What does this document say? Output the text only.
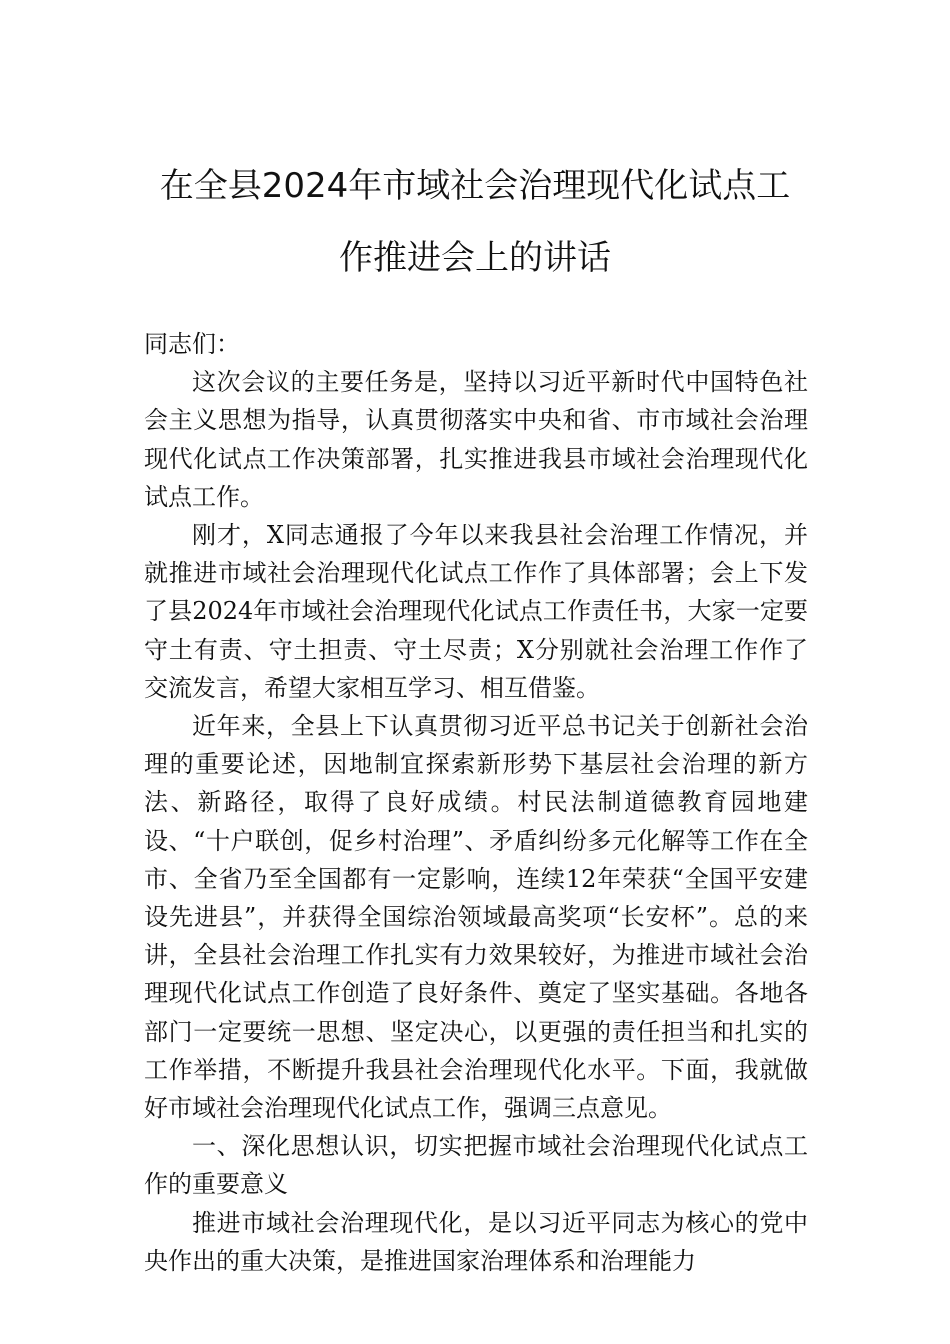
在全县2024年市域社会治理现代化试点工
作推进会上的讲话

同志们：

这次会议的主要任务是，坚持以习近平新时代中国特色社会主义思想为指导，认真贯彻落实中央和省、市市域社会治理现代化试点工作决策部署，扎实推进我县市域社会治理现代化试点工作。

刚才，X同志通报了今年以来我县社会治理工作情况，并就推进市域社会治理现代化试点工作作了具体部署；会上下发了县2024年市域社会治理现代化试点工作责任书，大家一定要守土有责、守土担责、守土尽责；X分别就社会治理工作作了交流发言，希望大家相互学习、相互借鉴。

近年来，全县上下认真贯彻习近平总书记关于创新社会治理的重要论述，因地制宜探索新形势下基层社会治理的新方法、新路径，取得了良好成绩。村民法制道德教育园地建设、“十户联创，促乡村治理”、矛盾纠纷多元化解等工作在全市、全省乃至全国都有一定影响，连续12年荣获“全国平安建设先进县”，并获得全国综治领域最高奖项“长安杯”。总的来讲，全县社会治理工作扎实有力效果较好，为推进市域社会治理现代化试点工作创造了良好条件、奠定了坚实基础。各地各部门一定要统一思想、坚定决心，以更强的责任担当和扎实的工作举措，不断提升我县社会治理现代化水平。下面，我就做好市域社会治理现代化试点工作，强调三点意见。

一、深化思想认识，切实把握市域社会治理现代化试点工作的重要意义

推进市域社会治理现代化，是以习近平同志为核心的党中央作出的重大决策，是推进国家治理体系和治理能力
